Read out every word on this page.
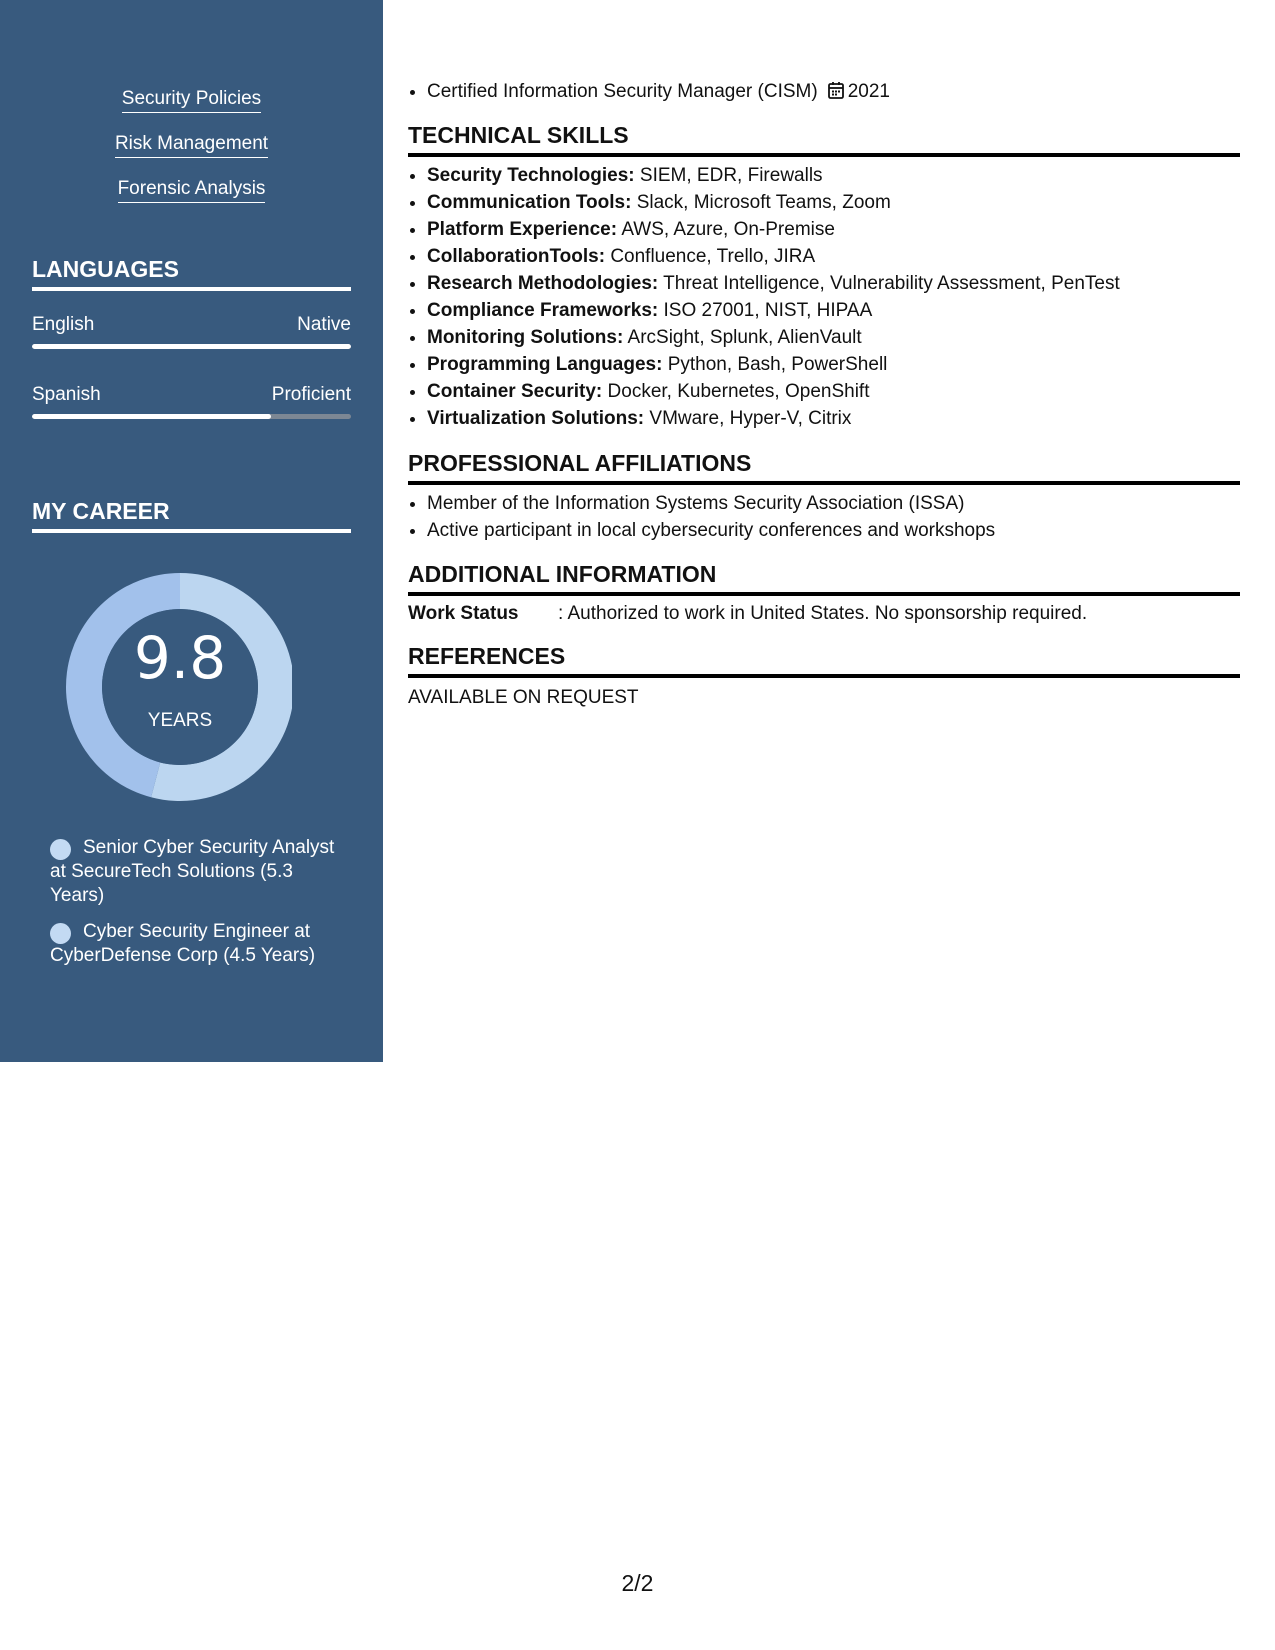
Security Policies
Risk Management
Forensic Analysis
LANGUAGES
English	Native
Spanish	Proficient
MY CAREER
9.8
YEARS
Senior Cyber Security Analyst at SecureTech Solutions (5.3 Years)
Cyber Security Engineer at CyberDefense Corp (4.5 Years)
• Certified Information Security Manager (CISM) 2021
TECHNICAL SKILLS
• Security Technologies: SIEM, EDR, Firewalls
• Communication Tools: Slack, Microsoft Teams, Zoom
• Platform Experience: AWS, Azure, On-Premise
• CollaborationTools: Confluence, Trello, JIRA
• Research Methodologies: Threat Intelligence, Vulnerability Assessment, PenTest
• Compliance Frameworks: ISO 27001, NIST, HIPAA
• Monitoring Solutions: ArcSight, Splunk, AlienVault
• Programming Languages: Python, Bash, PowerShell
• Container Security: Docker, Kubernetes, OpenShift
• Virtualization Solutions: VMware, Hyper-V, Citrix
PROFESSIONAL AFFILIATIONS
• Member of the Information Systems Security Association (ISSA)
• Active participant in local cybersecurity conferences and workshops
ADDITIONAL INFORMATION
Work Status	: Authorized to work in United States. No sponsorship required.
REFERENCES
AVAILABLE ON REQUEST
2/2
